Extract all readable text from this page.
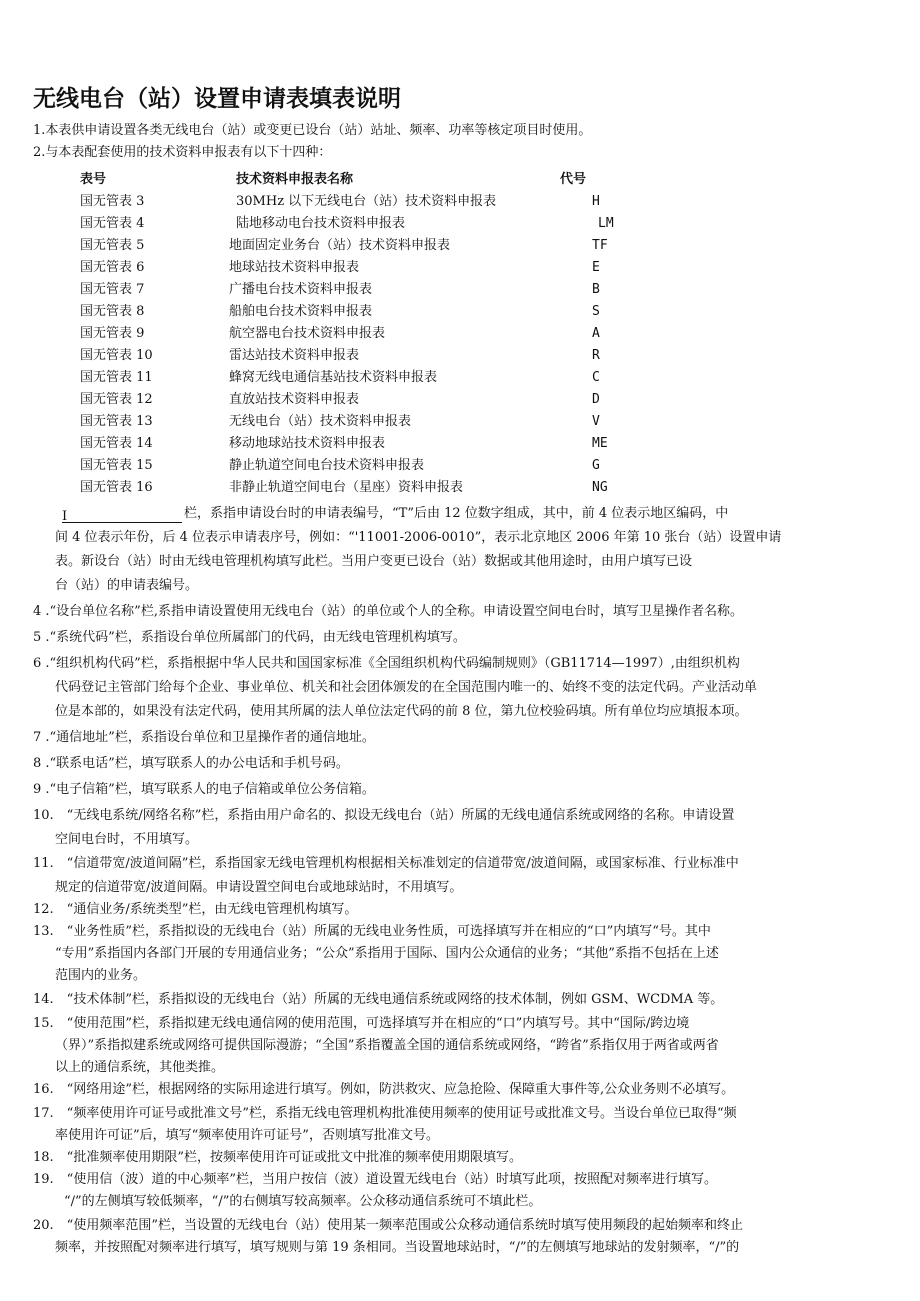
无线电台（站）设置申请表填表说明
1.本表供申请设置各类无线电台（站）或变更已设台（站）站址、频率、功率等核定项目时使用。
2.与本表配套使用的技术资料申报表有以下十四种：
表号	技术资料申报表名称	代号
国无管表 3	30MHz 以下无线电台（站）技术资料申报表	H
国无管表 4	陆地移动电台技术资料申报表	LM
国无管表 5	地面固定业务台（站）技术资料申报表	TF
国无管表 6	地球站技术资料申报表	E
国无管表 7	广播电台技术资料申报表	B
国无管表 8	船舶电台技术资料申报表	S
国无管表 9	航空器电台技术资料申报表	A
国无管表 10	雷达站技术资料申报表	R
国无管表 11	蜂窝无线电通信基站技术资料申报表	C
国无管表 12	直放站技术资料申报表	D
国无管表 13	无线电台（站）技术资料申报表	V
国无管表 14	移动地球站技术资料申报表	ME
国无管表 15	静止轨道空间电台技术资料申报表	G
国无管表 16	非静止轨道空间电台（星座）资料申报表	NG
I	栏，系指申请设台时的申请表编号，“T”后由 12 位数字组成，其中，前 4 位表示地区编码，中
间 4 位表示年份，后 4 位表示申请表序号，例如：“'11001-2006-0010”，表示北京地区 2006 年第 10 张台（站）设置申请
表。新设台（站）时由无线电管理机构填写此栏。当用户变更已设台（站）数据或其他用途时，由用户填写已设
台（站）的申请表编号。
4 .“设台单位名称”栏,系指申请设置使用无线电台（站）的单位或个人的全称。申请设置空间电台时，填写卫星操作者名称。
5 .“系统代码”栏，系指设台单位所属部门的代码，由无线电管理机构填写。
6 .“组织机构代码”栏，系指根据中华人民共和国国家标准《全国组织机构代码编制规则》（GB11714—1997）,由组织机构
代码登记主管部门给每个企业、事业单位、机关和社会团体颁发的在全国范围内唯一的、始终不变的法定代码。产业活动单
位是本部的，如果没有法定代码，使用其所属的法人单位法定代码的前 8 位，第九位校验码填。所有单位均应填报本项。
7 .“通信地址”栏，系指设台单位和卫星操作者的通信地址。
8 .“联系电话”栏，填写联系人的办公电话和手机号码。
9 .“电子信箱”栏，填写联系人的电子信箱或单位公务信箱。
10.　“无线电系统/网络名称”栏，系指由用户命名的、拟设无线电台（站）所属的无线电通信系统或网络的名称。申请设置
空间电台时，不用填写。
11.　“信道带宽/波道间隔”栏，系指国家无线电管理机构根据相关标准划定的信道带宽/波道间隔，或国家标准、行业标准中
规定的信道带宽/波道间隔。申请设置空间电台或地球站时，不用填写。
12.　“通信业务/系统类型”栏，由无线电管理机构填写。
13.　“业务性质”栏，系指拟设的无线电台（站）所属的无线电业务性质，可选择填写并在相应的“口”内填写“号。其中
“专用”系指国内各部门开展的专用通信业务；“公众”系指用于国际、国内公众通信的业务；“其他”系指不包括在上述
范围内的业务。
14.　“技术体制”栏，系指拟设的无线电台（站）所属的无线电通信系统或网络的技术体制，例如 GSM、WCDMA 等。
15.　“使用范围”栏，系指拟建无线电通信网的使用范围，可选择填写并在相应的“口”内填写号。其中“国际/跨边境
（界）”系指拟建系统或网络可提供国际漫游；“全国”系指覆盖全国的通信系统或网络，“跨省”系指仅用于两省或两省
以上的通信系统，其他类推。
16.　“网络用途”栏，根据网络的实际用途进行填写。例如，防洪救灾、应急抢险、保障重大事件等,公众业务则不必填写。
17.　“频率使用许可证号或批准文号”栏，系指无线电管理机构批准使用频率的使用证号或批准文号。当设台单位已取得“频
率使用许可证”后，填写“频率使用许可证号”，否则填写批准文号。
18.　“批准频率使用期限”栏，按频率使用许可证或批文中批准的频率使用期限填写。
19.　“使用信（波）道的中心频率”栏，当用户按信（波）道设置无线电台（站）时填写此项，按照配对频率进行填写。
“/”的左侧填写较低频率，“/”的右侧填写较高频率。公众移动通信系统可不填此栏。
20.　“使用频率范围”栏，当设置的无线电台（站）使用某一频率范围或公众移动通信系统时填写使用频段的起始频率和终止
频率，并按照配对频率进行填写，填写规则与第 19 条相同。当设置地球站时，“/”的左侧填写地球站的发射频率，“/”的
